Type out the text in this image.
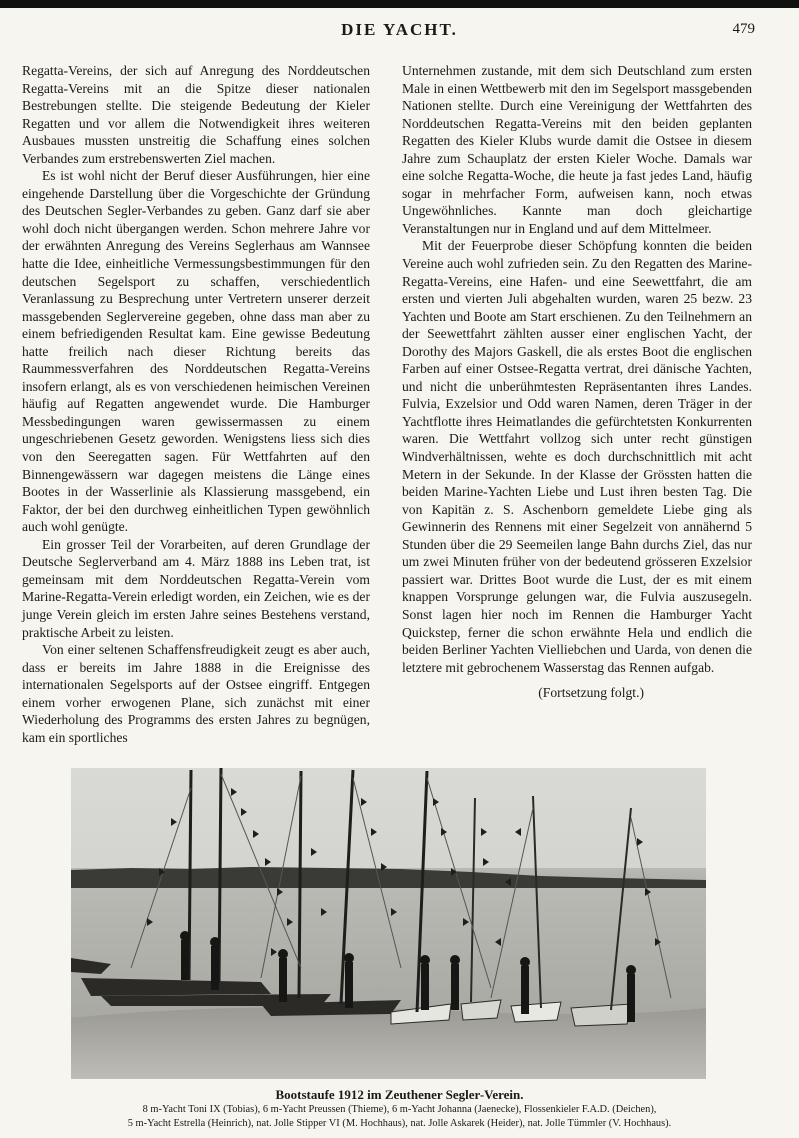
DIE YACHT.	479

Regatta-Vereins, der sich auf Anregung des Norddeutschen Regatta-Vereins mit an die Spitze dieser nationalen Bestrebungen stellte. Die steigende Bedeutung der Kieler Regatten und vor allem die Notwendigkeit ihres weiteren Ausbaues mussten unstreitig die Schaffung eines solchen Verbandes zum erstrebenswerten Ziel machen.

Es ist wohl nicht der Beruf dieser Ausführungen, hier eine eingehende Darstellung über die Vorgeschichte der Gründung des Deutschen Segler-Verbandes zu geben. Ganz darf sie aber wohl doch nicht übergangen werden. Schon mehrere Jahre vor der erwähnten Anregung des Vereins Seglerhaus am Wannsee hatte die Idee, einheitliche Vermessungsbestimmungen für den deutschen Segelsport zu schaffen, verschiedentlich Veranlassung zu Besprechung unter Vertretern unserer derzeit massgebenden Seglervereine gegeben, ohne dass man aber zu einem befriedigenden Resultat kam. Eine gewisse Bedeutung hatte freilich nach dieser Richtung bereits das Raummessverfahren des Norddeutschen Regatta-Vereins insofern erlangt, als es von verschiedenen heimischen Vereinen häufig auf Regatten angewendet wurde. Die Hamburger Messbedingungen waren gewissermassen zu einem ungeschriebenen Gesetz geworden. Wenigstens liess sich dies von den Seeregatten sagen. Für Wettfahrten auf den Binnengewässern war dagegen meistens die Länge eines Bootes in der Wasserlinie als Klassierung massgebend, ein Faktor, der bei den durchweg einheitlichen Typen gewöhnlich auch wohl genügte.

Ein grosser Teil der Vorarbeiten, auf deren Grundlage der Deutsche Seglerverband am 4. März 1888 ins Leben trat, ist gemeinsam mit dem Norddeutschen Regatta-Verein vom Marine-Regatta-Verein erledigt worden, ein Zeichen, wie es der junge Verein gleich im ersten Jahre seines Bestehens verstand, praktische Arbeit zu leisten.

Von einer seltenen Schaffensfreudigkeit zeugt es aber auch, dass er bereits im Jahre 1888 in die Ereignisse des internationalen Segelsports auf der Ostsee eingriff. Entgegen einem vorher erwogenen Plane, sich zunächst mit einer Wiederholung des Programms des ersten Jahres zu begnügen, kam ein sportliches

Unternehmen zustande, mit dem sich Deutschland zum ersten Male in einen Wettbewerb mit den im Segelsport massgebenden Nationen stellte. Durch eine Vereinigung der Wettfahrten des Norddeutschen Regatta-Vereins mit den beiden geplanten Regatten des Kieler Klubs wurde damit die Ostsee in diesem Jahre zum Schauplatz der ersten Kieler Woche. Damals war eine solche Regatta-Woche, die heute ja fast jedes Land, häufig sogar in mehrfacher Form, aufweisen kann, noch etwas Ungewöhnliches. Kannte man doch gleichartige Veranstaltungen nur in England und auf dem Mittelmeer.

Mit der Feuerprobe dieser Schöpfung konnten die beiden Vereine auch wohl zufrieden sein. Zu den Regatten des Marine-Regatta-Vereins, eine Hafen- und eine Seewettfahrt, die am ersten und vierten Juli abgehalten wurden, waren 25 bezw. 23 Yachten und Boote am Start erschienen. Zu den Teilnehmern an der Seewettfahrt zählten ausser einer englischen Yacht, der Dorothy des Majors Gaskell, die als erstes Boot die englischen Farben auf einer Ostsee-Regatta vertrat, drei dänische Yachten, und nicht die unberühmtesten Repräsentanten ihres Landes. Fulvia, Exzelsior und Odd waren Namen, deren Träger in der Yachtflotte ihres Heimatlandes die gefürchtetsten Konkurrenten waren. Die Wettfahrt vollzog sich unter recht günstigen Windverhältnissen, wehte es doch durchschnittlich mit acht Metern in der Sekunde. In der Klasse der Grössten hatten die beiden Marine-Yachten Liebe und Lust ihren besten Tag. Die von Kapitän z. S. Aschenborn gemeldete Liebe ging als Gewinnerin des Rennens mit einer Segelzeit von annähernd 5 Stunden über die 29 Seemeilen lange Bahn durchs Ziel, das nur um zwei Minuten früher von der bedeutend grösseren Exzelsior passiert war. Drittes Boot wurde die Lust, der es mit einem knappen Vorsprunge gelungen war, die Fulvia auszusegeln. Sonst lagen hier noch im Rennen die Hamburger Yacht Quickstep, ferner die schon erwähnte Hela und endlich die beiden Berliner Yachten Vielliebchen und Uarda, von denen die letztere mit gebrochenem Wasserstag das Rennen aufgab.

(Fortsetzung folgt.)
Bootstaufe 1912 im Zeuthener Segler-Verein.
8 m-Yacht Toni IX (Tobias), 6 m-Yacht Preussen (Thieme), 6 m-Yacht Johanna (Jaenecke), Flossenkieler F.A.D. (Deichen),
5 m-Yacht Estrella (Heinrich), nat. Jolle Stipper VI (M. Hochhaus), nat. Jolle Askarek (Heider), nat. Jolle Tümmler (V. Hochhaus).
